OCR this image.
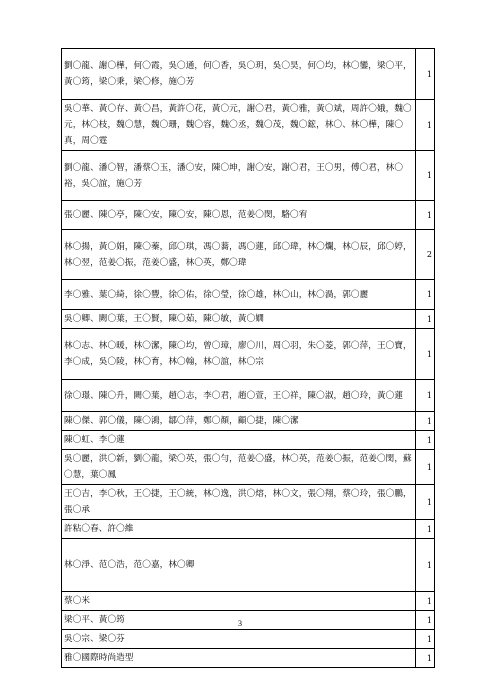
劉〇龍、謝〇樺，何〇霞，吳〇通，何〇香，吳〇玥，吳〇昊，何〇均，林〇鑾，梁〇平，黃〇筠，梁〇秉，梁〇修，施〇芳	1
吳〇華、黃〇存、黃〇昌，黃許〇花，黃〇元，謝〇君，黃〇雅，黃〇斌，周許〇娥，魏〇元，林〇枝，魏〇慧，魏〇珊，魏〇容，魏〇丞，魏〇茂，魏〇鋐，林〇、林〇樺，陳〇真，周〇霆	1
劉〇龍、潘〇智，潘蔡〇玉，潘〇安，陳〇坤，謝〇安，謝〇君，王〇男，傅〇君，林〇裕，吳〇誼，施〇芳	1
張〇麗、陳〇亭，陳〇安，陳〇安，陳〇恩，范姜〇閔，駱〇宥	1
林〇揚，黃〇娟，陳〇蓁，邱〇琪，馮〇蕎，馮〇蓮，邱〇瑋，林〇爛，林〇辰，邱〇婷，林〇翌，范姜〇振，范姜〇盛，林〇英，鄭〇瑋	2
李〇雅、葉〇綺，徐〇豐，徐〇佑，徐〇瑩，徐〇雄，林〇山，林〇渦，郭〇麗	1
吳〇卿、闕〇葉，王〇賢，陳〇茹，陳〇敏，黃〇嫺	1
林〇志、林〇暖，林〇潔，陳〇均，曾〇璋，廖〇川，周〇羽，朱〇菱，郭〇萍，王〇寶，李〇成，吳〇陵，林〇育，林〇翰，林〇誼，林〇宗	1
徐〇璟、陳〇升，闕〇葉，趙〇志，李〇君，趙〇萱，王〇祥，陳〇淑，趙〇玲，黃〇蓮	1
陳〇傑、郭〇儀，陳〇鴻，鄒〇萍，鄭〇顏，顧〇捷，陳〇潔	1
陳〇虹、李〇蓮	1
吳〇麗，洪〇新，劉〇龍，梁〇英，張〇勻，范姜〇盛，林〇英，范姜〇振，范姜〇閔，蘇〇慧，葉〇鳳	1
王〇吉，李〇秋，王〇捷，王〇統，林〇逸，洪〇熔，林〇文，張〇翔，蔡〇玲，張〇鵬，張〇承	1
許粘〇春、許〇維	1
林〇淨、范〇浩，范〇嘉，林〇卿	1
蔡〇米	1
梁〇平、黃〇筠	1
吳〇宗、梁〇芬	1
雅〇國際時尚造型	1
3
